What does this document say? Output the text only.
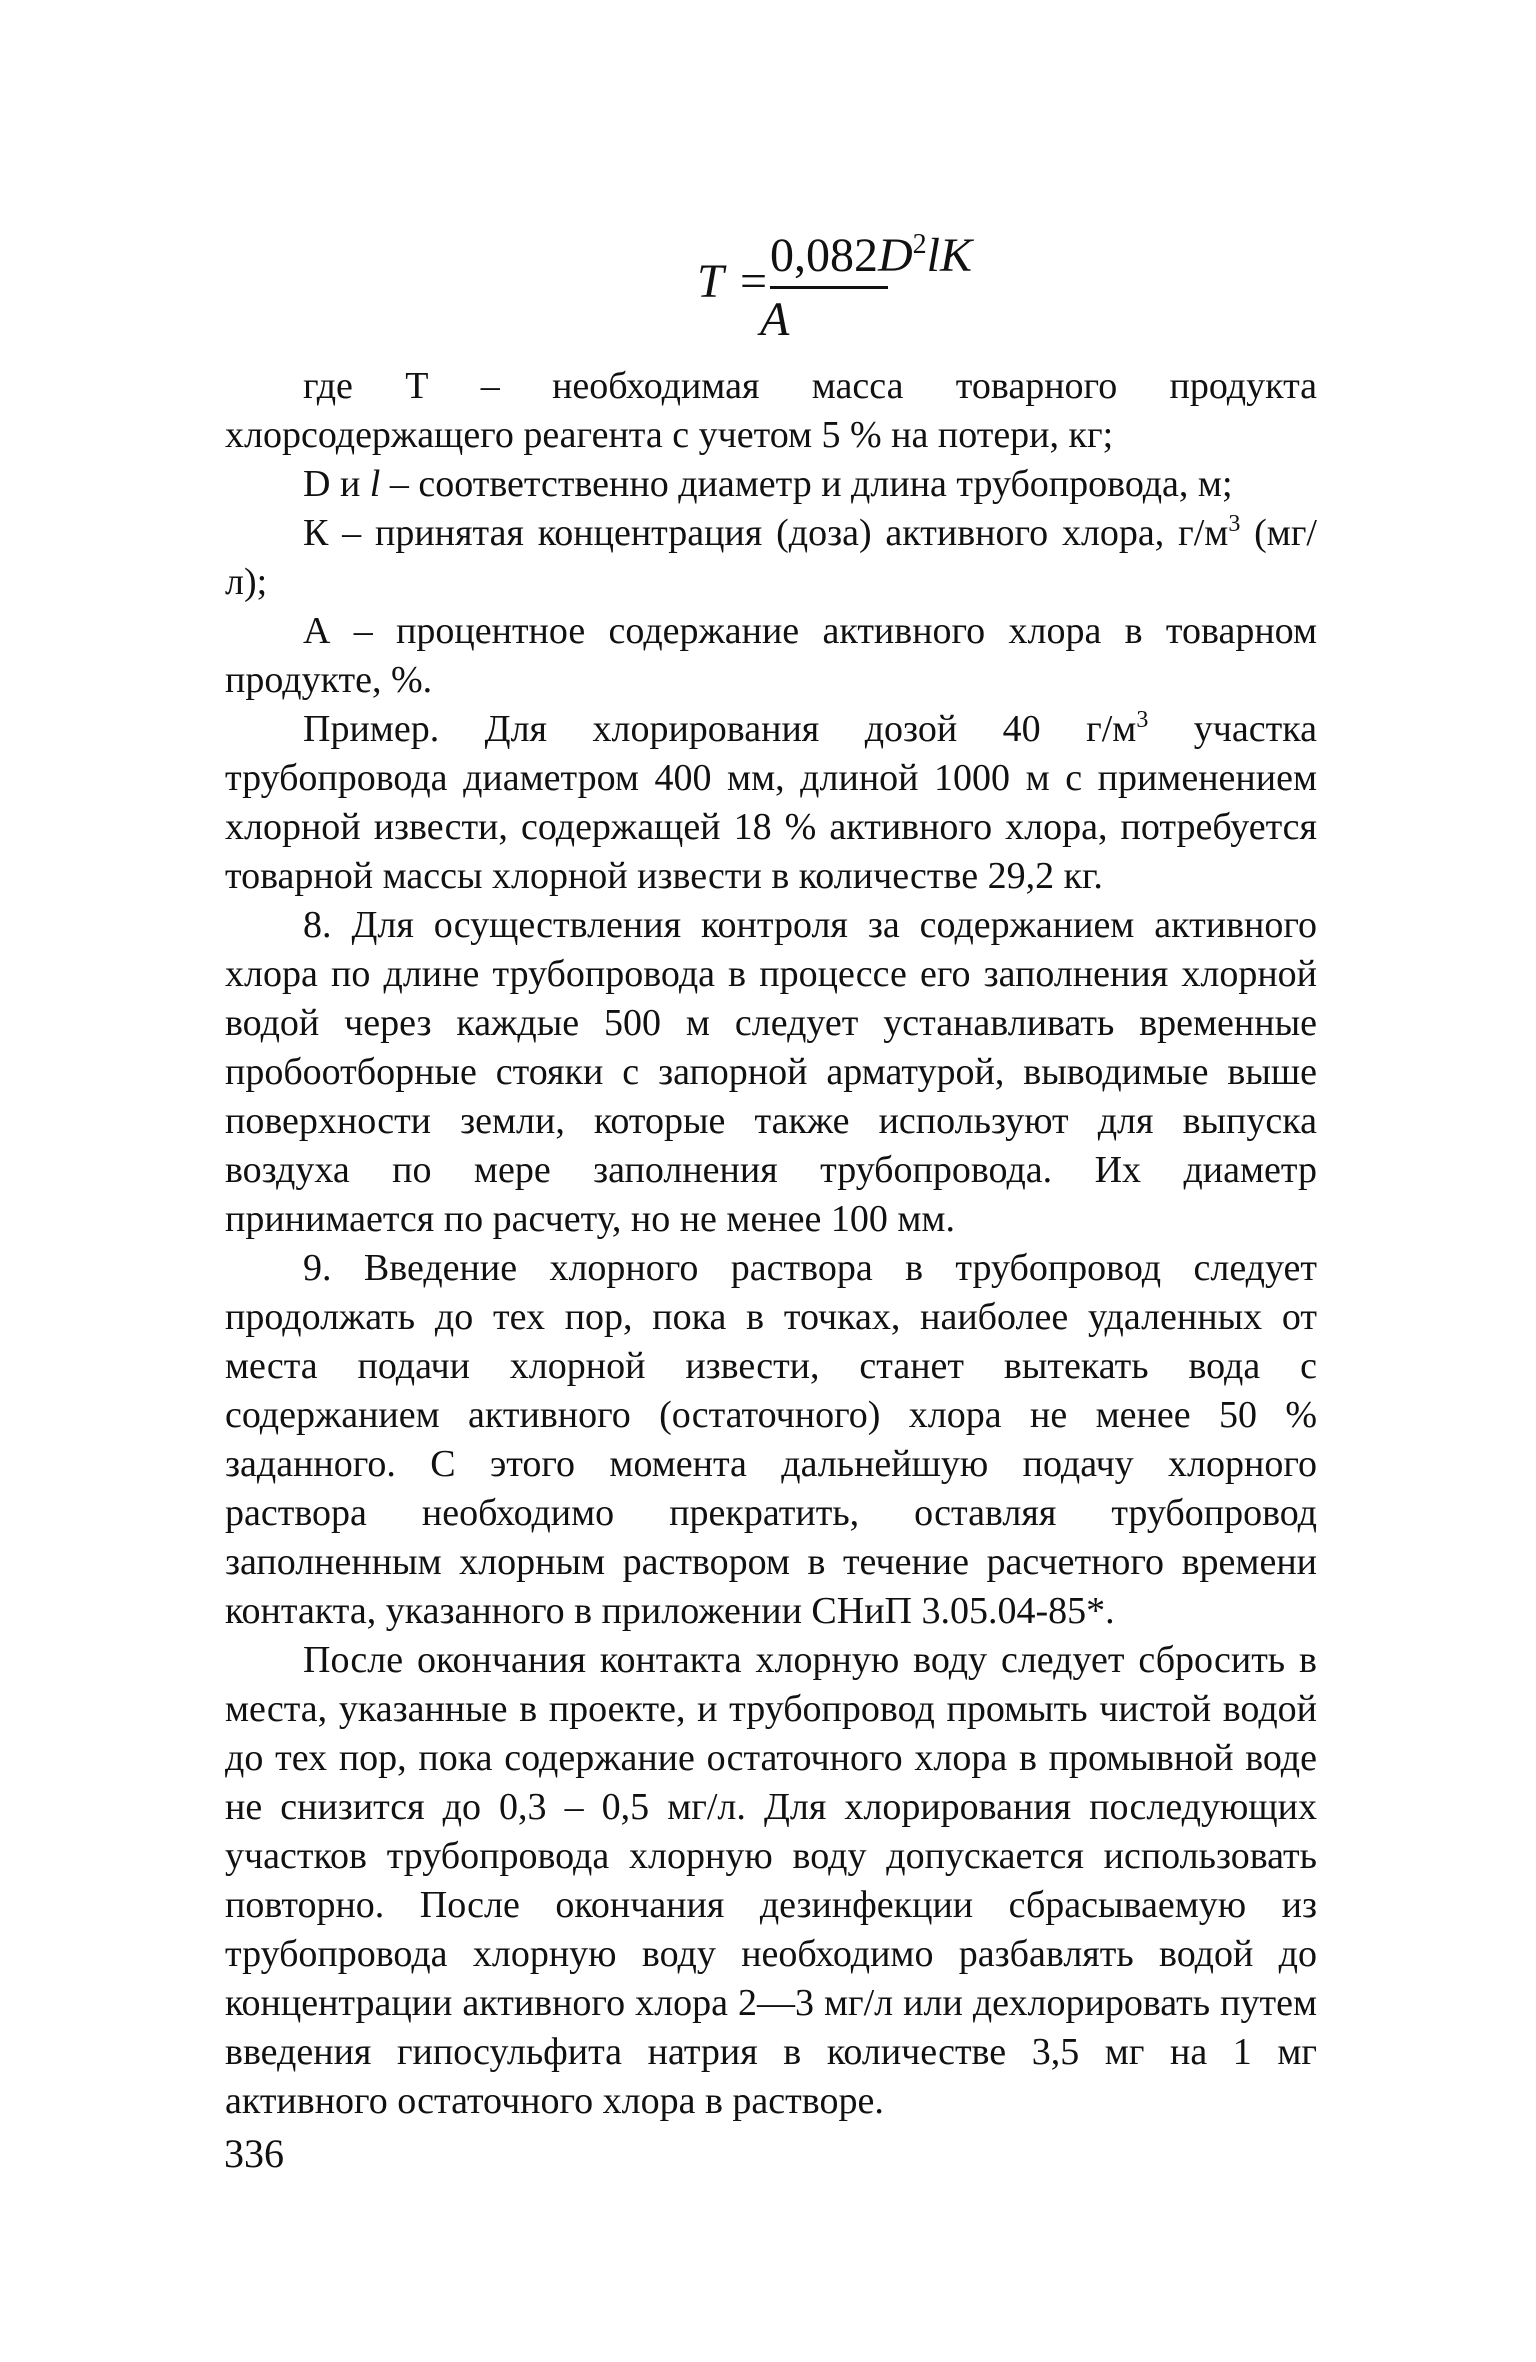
$T = 0,082D^2lK$
A

где Т – необходимая масса товарного продукта хлорсодержащего реагента с учетом 5 % на потери, кг;

D и l – соответственно диаметр и длина трубопровода, м;

К – принятая концентрация (доза) активного хлора, $г/м^3$ (мг/л);

А – процентное содержание активного хлора в товарном продукте, %.

Пример. Для хлорирования дозой 40 $г/м^3$ участка трубопровода диаметром 400 мм, длиной 1000 м с применением хлорной извести, содержащей 18 % активного хлора, потребуется товарной массы хлорной извести в количестве 29,2 кг.

8. Для осуществления контроля за содержанием активного хлора по длине трубопровода в процессе его заполнения хлорной водой через каждые 500 м следует устанавливать временные пробоотборные стояки с запорной арматурой, выводимые выше поверхности земли, которые также используют для выпуска воздуха по мере заполнения трубопровода. Их диаметр принимается по расчету, но не менее 100 мм.

9. Введение хлорного раствора в трубопровод следует продолжать до тех пор, пока в точках, наиболее удаленных от места подачи хлорной извести, станет вытекать вода с содержанием активного (остаточного) хлора не менее 50 % заданного. С этого момента дальнейшую подачу хлорного раствора необходимо прекратить, оставляя трубопровод заполненным хлорным раствором в течение расчетного времени контакта, указанного в приложении СНиП 3.05.04-85*.

После окончания контакта хлорную воду следует сбросить в места, указанные в проекте, и трубопровод промыть чистой водой до тех пор, пока содержание остаточного хлора в промывной воде не снизится до 0,3 – 0,5 мг/л. Для хлорирования последующих участков трубопровода хлорную воду допускается использовать повторно. После окончания дезинфекции сбрасываемую из трубопровода хлорную воду необходимо разбавлять водой до концентрации активного хлора 2—3 мг/л или дехлорировать путем введения гипосульфита натрия в количестве 3,5 мг на 1 мг активного остаточного хлора в растворе.

336
